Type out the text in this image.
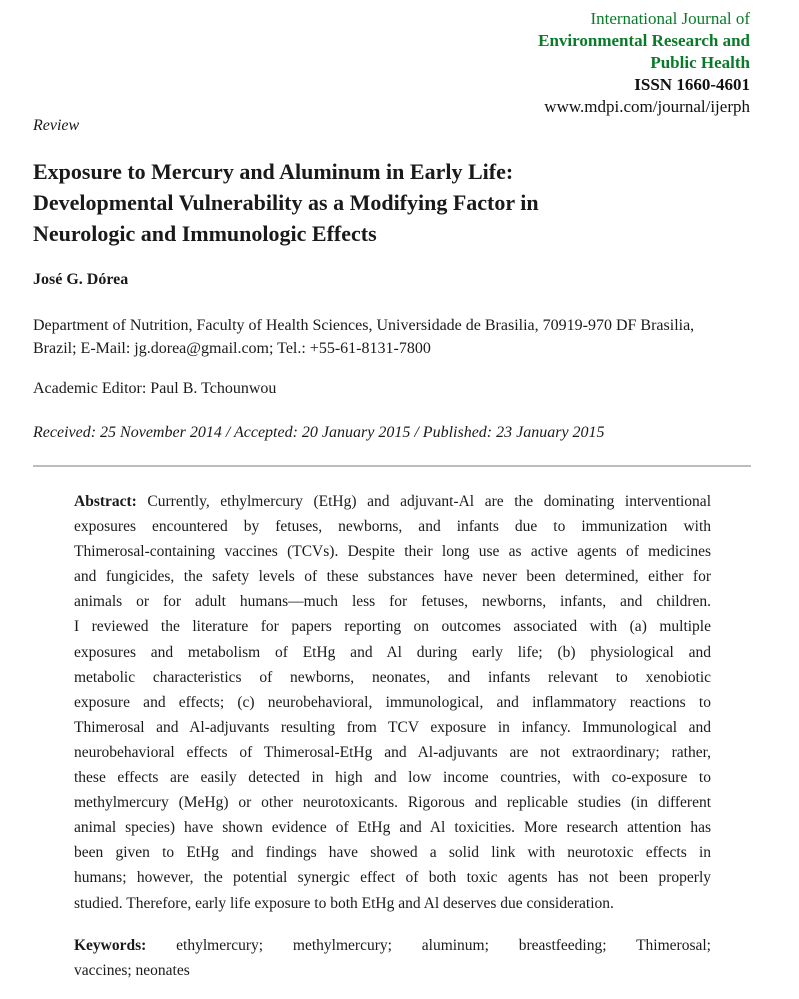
International Journal of
Environmental Research and
Public Health
ISSN 1660-4601
www.mdpi.com/journal/ijerph
Review
Exposure to Mercury and Aluminum in Early Life:
Developmental Vulnerability as a Modifying Factor in
Neurologic and Immunologic Effects
José G. Dórea
Department of Nutrition, Faculty of Health Sciences, Universidade de Brasilia, 70919-970 DF Brasilia,
Brazil; E-Mail: jg.dorea@gmail.com; Tel.: +55-61-8131-7800
Academic Editor: Paul B. Tchounwou
Received: 25 November 2014 / Accepted: 20 January 2015 / Published: 23 January 2015
Abstract: Currently, ethylmercury (EtHg) and adjuvant-Al are the dominating interventional
exposures encountered by fetuses, newborns, and infants due to immunization with
Thimerosal-containing vaccines (TCVs). Despite their long use as active agents of medicines
and fungicides, the safety levels of these substances have never been determined, either for
animals or for adult humans—much less for fetuses, newborns, infants, and children.
I reviewed the literature for papers reporting on outcomes associated with (a) multiple
exposures and metabolism of EtHg and Al during early life; (b) physiological and
metabolic characteristics of newborns, neonates, and infants relevant to xenobiotic
exposure and effects; (c) neurobehavioral, immunological, and inflammatory reactions to
Thimerosal and Al-adjuvants resulting from TCV exposure in infancy. Immunological and
neurobehavioral effects of Thimerosal-EtHg and Al-adjuvants are not extraordinary; rather,
these effects are easily detected in high and low income countries, with co-exposure to
methylmercury (MeHg) or other neurotoxicants. Rigorous and replicable studies (in different
animal species) have shown evidence of EtHg and Al toxicities. More research attention has
been given to EtHg and findings have showed a solid link with neurotoxic effects in
humans; however, the potential synergic effect of both toxic agents has not been properly
studied. Therefore, early life exposure to both EtHg and Al deserves due consideration.
Keywords: ethylmercury; methylmercury; aluminum; breastfeeding; Thimerosal;
vaccines; neonates
